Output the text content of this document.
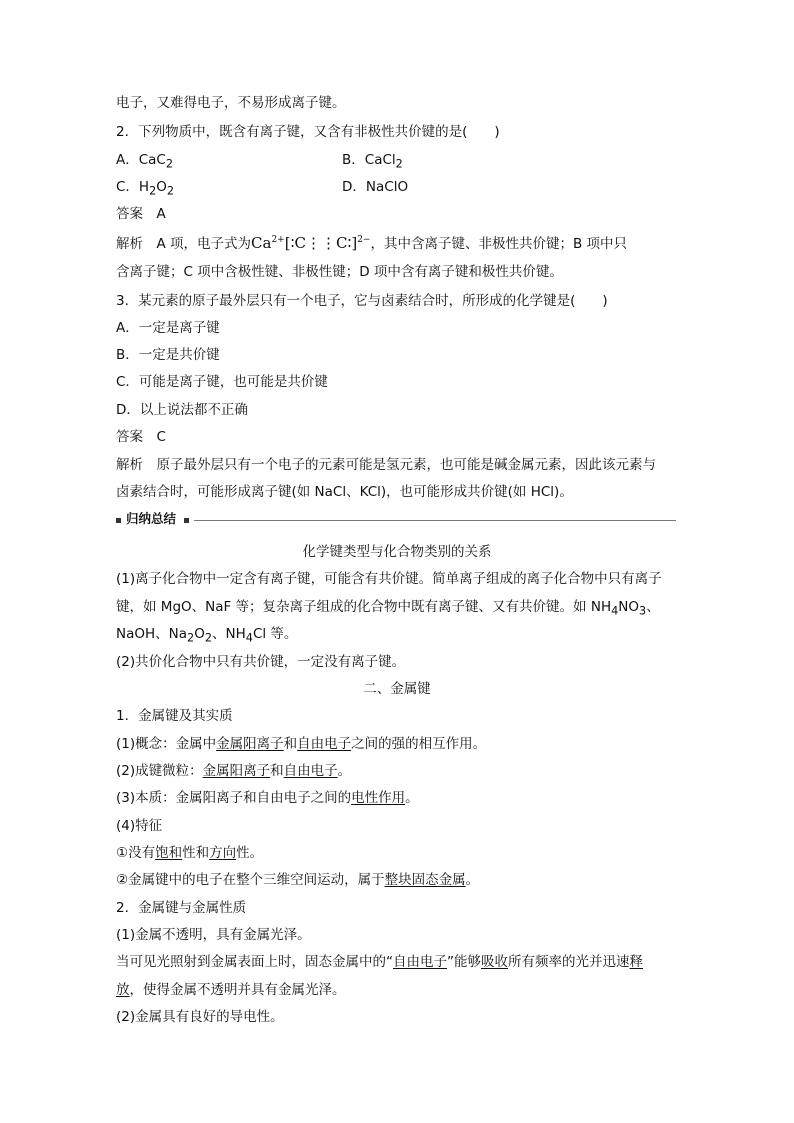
电子，又难得电子，不易形成离子键。
2．下列物质中，既含有离子键，又含有非极性共价键的是(　　)
A．CaC$_2$	B．CaCl$_2$
C．$H_2O_2$	D．NaClO
答案　A
解析　A 项，电子式为$Ca^{2+}[∶C⋮⋮C∶]^{2-}$，其中含离子键、非极性共价键；B 项中只
含离子键；C 项中含极性键、非极性键；D 项中含有离子键和极性共价键。
3．某元素的原子最外层只有一个电子，它与卤素结合时，所形成的化学键是(　　)
A．一定是离子键
B．一定是共价键
C．可能是离子键，也可能是共价键
D．以上说法都不正确
答案　C
解析　原子最外层只有一个电子的元素可能是氢元素，也可能是碱金属元素，因此该元素与
卤素结合时，可能形成离子键(如 NaCl、KCl)，也可能形成共价键(如 HCl)。
归纳总结
化学键类型与化合物类别的关系
(1)离子化合物中一定含有离子键，可能含有共价键。简单离子组成的离子化合物中只有离子
键，如 MgO、NaF 等；复杂离子组成的化合物中既有离子键、又有共价键。如 $NH_4NO_3$、
NaOH、$Na_2O_2$、$NH_4Cl$ 等。
(2)共价化合物中只有共价键，一定没有离子键。
二、金属键
1．金属键及其实质
(1)概念：金属中金属阳离子和自由电子之间的强的相互作用。
(2)成键微粒：金属阳离子和自由电子。
(3)本质：金属阳离子和自由电子之间的电性作用。
(4)特征
①没有饱和性和方向性。
②金属键中的电子在整个三维空间运动，属于整块固态金属。
2．金属键与金属性质
(1)金属不透明，具有金属光泽。
当可见光照射到金属表面上时，固态金属中的“自由电子”能够吸收所有频率的光并迅速释
放，使得金属不透明并具有金属光泽。
(2)金属具有良好的导电性。
